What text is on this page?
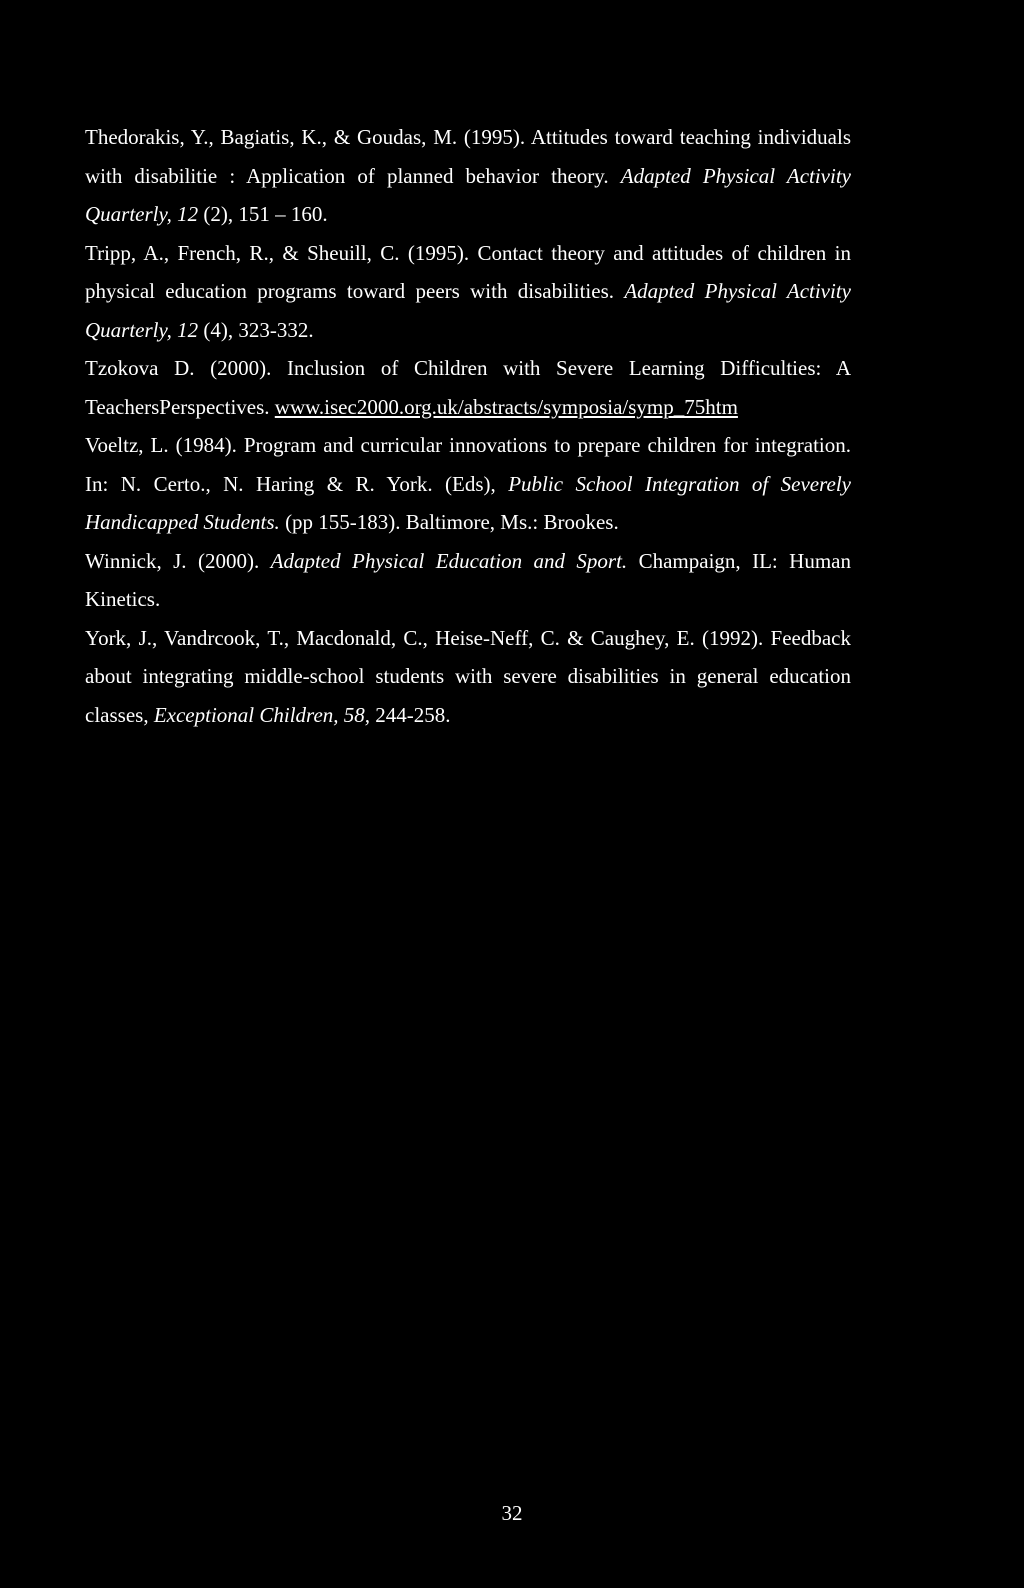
Thedorakis, Y., Bagiatis, K., & Goudas, M. (1995). Attitudes toward teaching individuals with disabilitie : Application of planned behavior theory. Adapted Physical Activity Quarterly, 12 (2), 151 – 160.

Tripp, A., French, R., & Sheuill, C. (1995). Contact theory and attitudes of children in physical education programs toward peers with disabilities. Adapted Physical Activity Quarterly, 12 (4), 323-332.

Tzokova D. (2000). Inclusion of Children with Severe Learning Difficulties: A TeachersPerspectives. www.isec2000.org.uk/abstracts/symposia/symp_75htm

Voeltz, L. (1984). Program and curricular innovations to prepare children for integration. In: N. Certo., N. Haring & R. York. (Eds), Public School Integration of Severely Handicapped Students. (pp 155-183). Baltimore, Ms.: Brookes.

Winnick, J. (2000). Adapted Physical Education and Sport. Champaign, IL: Human Kinetics.

York, J., Vandrcook, T., Macdonald, C., Heise-Neff, C. & Caughey, E. (1992). Feedback about integrating middle-school students with severe disabilities in general education classes, Exceptional Children, 58, 244-258.

32
